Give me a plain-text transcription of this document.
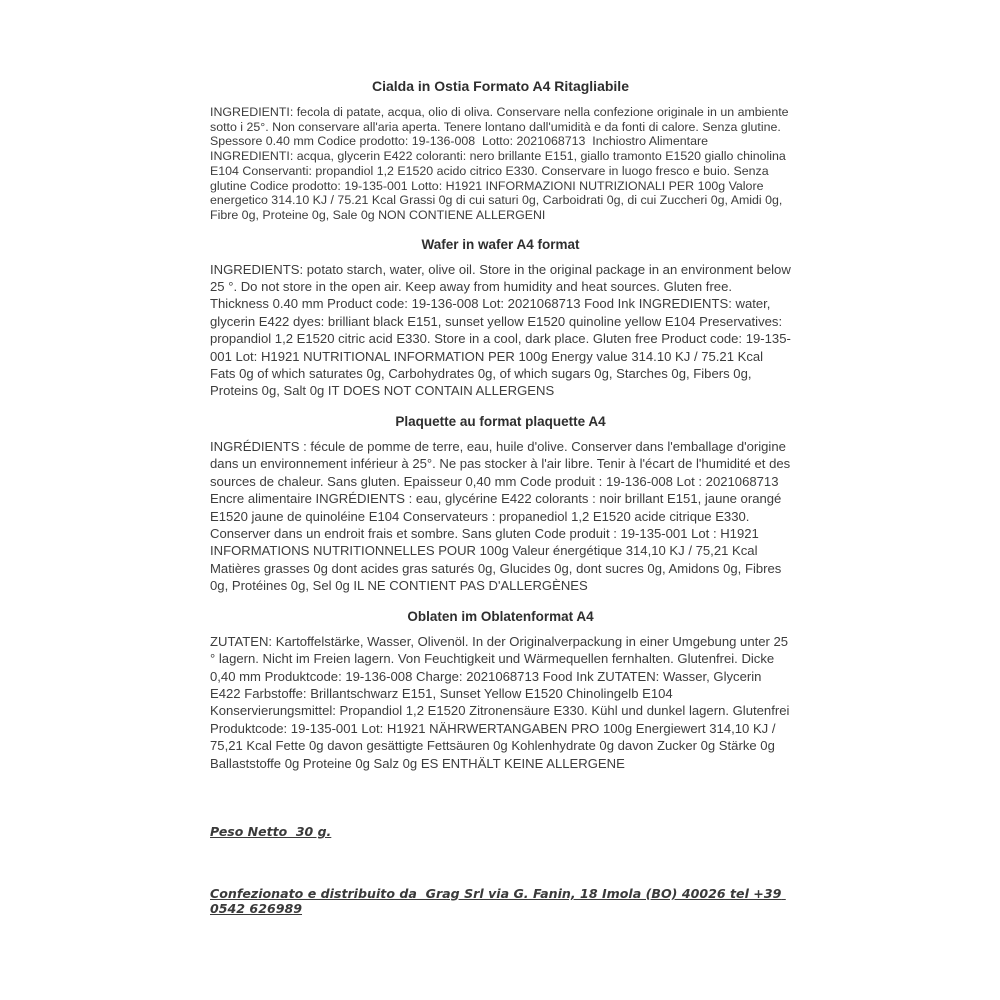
Cialda in Ostia Formato A4 Ritagliabile

INGREDIENTI: fecola di patate, acqua, olio di oliva. Conservare nella confezione originale in un ambiente sotto i 25°. Non conservare all'aria aperta. Tenere lontano dall'umidità e da fonti di calore. Senza glutine. Spessore 0.40 mm Codice prodotto: 19-136-008  Lotto: 2021068713  Inchiostro Alimentare INGREDIENTI: acqua, glycerin E422 coloranti: nero brillante E151, giallo tramonto E1520 giallo chinolina E104 Conservanti: propandiol 1,2 E1520 acido citrico E330. Conservare in luogo fresco e buio. Senza glutine Codice prodotto: 19-135-001 Lotto: H1921 INFORMAZIONI NUTRIZIONALI PER 100g Valore energetico 314.10 KJ / 75.21 Kcal Grassi 0g di cui saturi 0g, Carboidrati 0g, di cui Zuccheri 0g, Amidi 0g, Fibre 0g, Proteine 0g, Sale 0g NON CONTIENE ALLERGENI

Wafer in wafer A4 format

INGREDIENTS: potato starch, water, olive oil. Store in the original package in an environment below 25 °. Do not store in the open air. Keep away from humidity and heat sources. Gluten free. Thickness 0.40 mm Product code: 19-136-008 Lot: 2021068713 Food Ink INGREDIENTS: water, glycerin E422 dyes: brilliant black E151, sunset yellow E1520 quinoline yellow E104 Preservatives: propandiol 1,2 E1520 citric acid E330. Store in a cool, dark place. Gluten free Product code: 19-135-001 Lot: H1921 NUTRITIONAL INFORMATION PER 100g Energy value 314.10 KJ / 75.21 Kcal Fats 0g of which saturates 0g, Carbohydrates 0g, of which sugars 0g, Starches 0g, Fibers 0g, Proteins 0g, Salt 0g IT DOES NOT CONTAIN ALLERGENS

Plaquette au format plaquette A4

INGRÉDIENTS : fécule de pomme de terre, eau, huile d'olive. Conserver dans l'emballage d'origine dans un environnement inférieur à 25°. Ne pas stocker à l'air libre. Tenir à l'écart de l'humidité et des sources de chaleur. Sans gluten. Epaisseur 0,40 mm Code produit : 19-136-008 Lot : 2021068713 Encre alimentaire INGRÉDIENTS : eau, glycérine E422 colorants : noir brillant E151, jaune orangé E1520 jaune de quinoléine E104 Conservateurs : propanediol 1,2 E1520 acide citrique E330. Conserver dans un endroit frais et sombre. Sans gluten Code produit : 19-135-001 Lot : H1921 INFORMATIONS NUTRITIONNELLES POUR 100g Valeur énergétique 314,10 KJ / 75,21 Kcal Matières grasses 0g dont acides gras saturés 0g, Glucides 0g, dont sucres 0g, Amidons 0g, Fibres 0g, Protéines 0g, Sel 0g IL NE CONTIENT PAS D'ALLERGÈNES

Oblaten im Oblatenformat A4

ZUTATEN: Kartoffelstärke, Wasser, Olivenöl. In der Originalverpackung in einer Umgebung unter 25 ° lagern. Nicht im Freien lagern. Von Feuchtigkeit und Wärmequellen fernhalten. Glutenfrei. Dicke 0,40 mm Produktcode: 19-136-008 Charge: 2021068713 Food Ink ZUTATEN: Wasser, Glycerin E422 Farbstoffe: Brillantschwarz E151, Sunset Yellow E1520 Chinolingelb E104 Konservierungsmittel: Propandiol 1,2 E1520 Zitronensäure E330. Kühl und dunkel lagern. Glutenfrei Produktcode: 19-135-001 Lot: H1921 NÄHRWERTANGABEN PRO 100g Energiewert 314,10 KJ / 75,21 Kcal Fette 0g davon gesättigte Fettsäuren 0g Kohlenhydrate 0g davon Zucker 0g Stärke 0g Ballaststoffe 0g Proteine 0g Salz 0g ES ENTHÄLT KEINE ALLERGENE

Peso Netto  30 g.
Confezionato e distribuito da  Grag Srl via G. Fanin, 18 Imola (BO) 40026 tel +39 0542 626989
